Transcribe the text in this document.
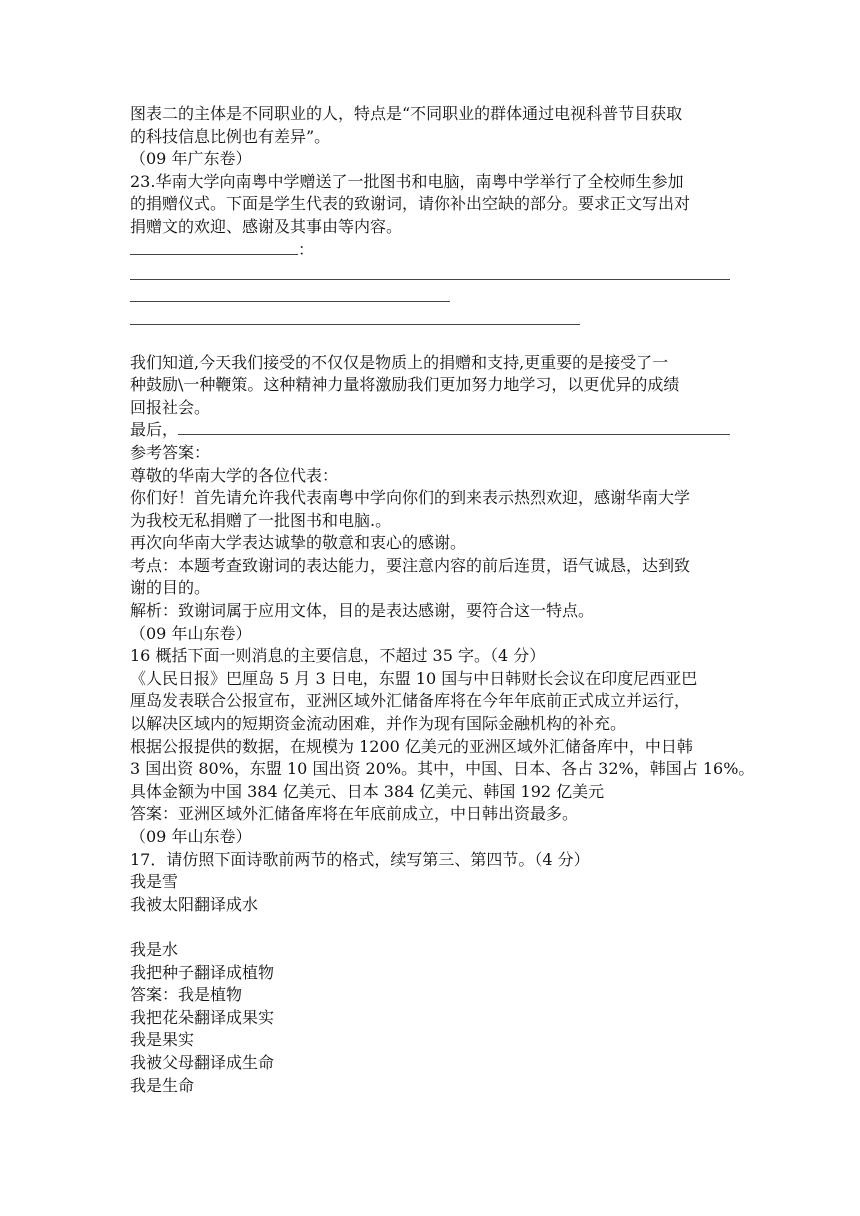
图表二的主体是不同职业的人，特点是“不同职业的群体通过电视科普节目获取
的科技信息比例也有差异”。
（09 年广东卷）
23.华南大学向南粤中学赠送了一批图书和电脑，南粤中学举行了全校师生参加
的捐赠仪式。下面是学生代表的致谢词，请你补出空缺的部分。要求正文写出对
捐赠文的欢迎、感谢及其事由等内容。
：
我们知道,今天我们接受的不仅仅是物质上的捐赠和支持,更重要的是接受了一
种鼓励\一种鞭策。这种精神力量将激励我们更加努力地学习，以更优异的成绩
回报社会。
最后，
参考答案：
尊敬的华南大学的各位代表：
你们好！首先请允许我代表南粤中学向你们的到来表示热烈欢迎，感谢华南大学
为我校无私捐赠了一批图书和电脑.。
再次向华南大学表达诚挚的敬意和衷心的感谢。
考点：本题考查致谢词的表达能力，要注意内容的前后连贯，语气诚恳，达到致
谢的目的。
解析：致谢词属于应用文体，目的是表达感谢，要符合这一特点。
（09 年山东卷）
16 概括下面一则消息的主要信息，不超过 35 字。（4 分）
《人民日报》巴厘岛 5 月 3 日电，东盟 10 国与中日韩财长会议在印度尼西亚巴
厘岛发表联合公报宣布，亚洲区域外汇储备库将在今年年底前正式成立并运行，
以解决区域内的短期资金流动困难，并作为现有国际金融机构的补充。
根据公报提供的数据，在规模为 1200 亿美元的亚洲区域外汇储备库中，中日韩
3 国出资 80%，东盟 10 国出资 20%。其中，中国、日本、各占 32%，韩国占 16%。
具体金额为中国 384 亿美元、日本 384 亿美元、韩国 192 亿美元
答案：亚洲区域外汇储备库将在年底前成立，中日韩出资最多。
（09 年山东卷）
17．请仿照下面诗歌前两节的格式，续写第三、第四节。（4 分）
我是雪
我被太阳翻译成水
我是水
我把种子翻译成植物
答案：我是植物
我把花朵翻译成果实
我是果实
我被父母翻译成生命
我是生命
